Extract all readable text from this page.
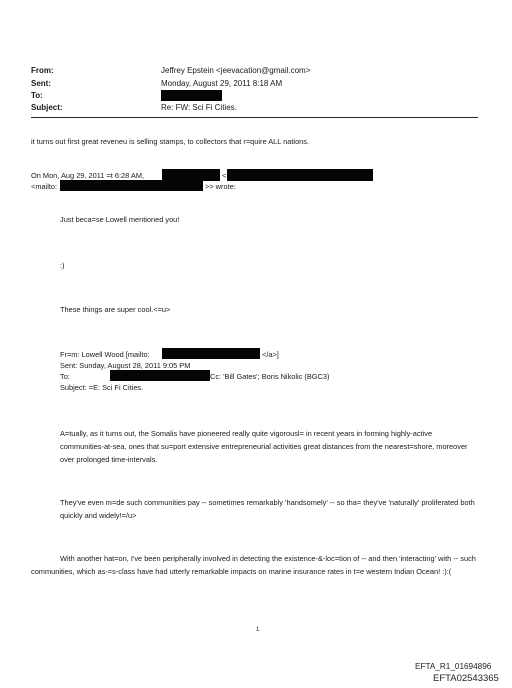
From:	Jeffrey Epstein <jeevacation@gmail.com>
Sent:	Monday, August 29, 2011 8:18 AM
To:
Subject:	Re: FW: Sci Fi Cities.
it turns out first great reveneu is selling stamps, to collectors that r=quire ALL nations.
On Mon, Aug 29, 2011 =t 6:28 AM,	<
<mailto:	>> wrote:
Just beca=se Lowell mentioned you!
:)
These things are super cool.<=u>
Fr=m: Lowell Wood [mailto:	</a>]
Sent: Sunday, August 28, 2011 9:05 PM
To:	Cc: 'Bill Gates'; Boris Nikolic (BGC3)
Subject: =E: Sci Fi Cities.
A=tually, as it turns out, the Somalis have pioneered really quite vigorousl= in recent years in forming highly-active communities-at-sea, ones that su=port extensive entrepreneurial activities great distances from the nearest=shore, moreover over prolonged time-intervals.
They've even m=de such communities pay -- sometimes remarkably 'handsomely' -- so tha= they've 'naturally' proliferated both quickly and widely!=/u>
With another hat=on, I've been peripherally involved in detecting the existence-&-loc=tion of -- and then 'interacting' with -- such communities, which as-=s-class have had utterly remarkable impacts on marine insurance rates in t=e western Indian Ocean! :):(
1
EFTA_R1_01694896
EFTA02543365
